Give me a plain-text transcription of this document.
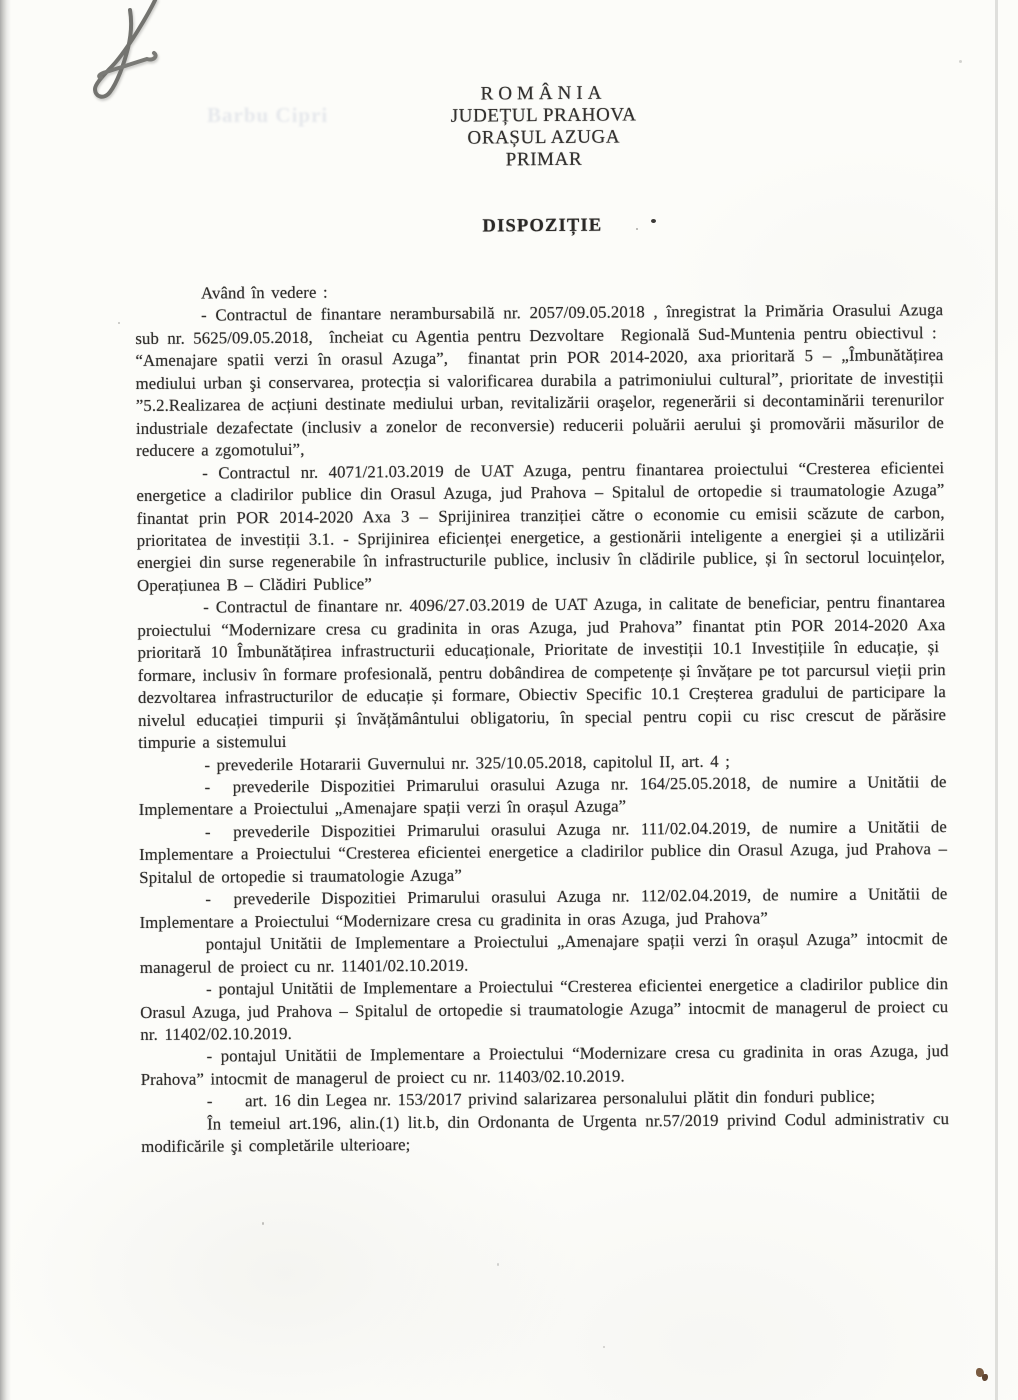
Barbu Cipri
ROMÂNIA
JUDEȚUL PRAHOVA
ORAȘUL AZUGA
PRIMAR
DISPOZIȚIE

Având în vedere :

- Contractul de finantare nerambursabilă nr. 2057/09.05.2018 , înregistrat la Primăria Orasului Azuga sub nr. 5625/09.05.2018,  încheiat cu Agentia pentru Dezvoltare  Regională Sud-Muntenia pentru obiectivul :  “Amenajare spatii verzi în orasul Azuga”,  finantat prin POR 2014-2020, axa prioritară 5 – „Îmbunătățirea mediului urban şi conservarea, protecția si valorificarea durabila a patrimoniului cultural”, prioritate de investiții ”5.2.Realizarea de acțiuni destinate mediului urban, revitalizării oraşelor, regenerării si decontaminării terenurilor industriale dezafectate (inclusiv a zonelor de reconversie) reducerii poluării aerului şi promovării măsurilor de reducere a zgomotului”,

- Contractul nr. 4071/21.03.2019 de UAT Azuga, pentru finantarea proiectului “Cresterea eficientei energetice a cladirilor publice din Orasul Azuga, jud Prahova – Spitalul de ortopedie si traumatologie Azuga” finantat prin POR 2014-2020 Axa 3 – Sprijinirea tranziției către o economie cu emisii scăzute de carbon, prioritatea de investiții 3.1. - Sprijinirea eficienței energetice, a gestionării inteligente a energiei și a utilizării energiei din surse regenerabile în infrastructurile publice, inclusiv în clădirile publice, și în sectorul locuințelor, Operațiunea B – Clădiri Publice”

- Contractul de finantare nr. 4096/27.03.2019 de UAT Azuga, in calitate de beneficiar, pentru finantarea proiectului “Modernizare cresa cu gradinita in oras Azuga, jud Prahova” finantat ptin POR 2014-2020 Axa prioritară 10 Îmbunătățirea infrastructurii educaționale, Prioritate de investiții 10.1 Investițiile în educație, și  formare, inclusiv în formare profesională, pentru dobândirea de competențe și învățare pe tot parcursul vieții prin dezvoltarea infrastructurilor de educație și formare, Obiectiv Specific 10.1 Creșterea gradului de participare la nivelul educației timpurii și învățământului obligatoriu, în special pentru copii cu risc crescut de părăsire timpurie a sistemului

- prevederile Hotararii Guvernului nr. 325/10.05.2018, capitolul II, art. 4 ;

-  prevederile Dispozitiei Primarului orasului Azuga nr. 164/25.05.2018, de numire a Unitătii de Implementare a Proiectului „Amenajare spații verzi în orașul Azuga”

-  prevederile Dispozitiei Primarului orasului Azuga nr. 111/02.04.2019, de numire a Unitătii de Implementare a Proiectului “Cresterea eficientei energetice a cladirilor publice din Orasul Azuga, jud Prahova – Spitalul de ortopedie si traumatologie Azuga”

-  prevederile Dispozitiei Primarului orasului Azuga nr. 112/02.04.2019, de numire a Unitătii de Implementare a Proiectului “Modernizare cresa cu gradinita in oras Azuga, jud Prahova”

pontajul Unitătii de Implementare a Proiectului „Amenajare spații verzi în orașul Azuga” intocmit de managerul de proiect cu nr. 11401/02.10.2019.

- pontajul Unitătii de Implementare a Proiectului “Cresterea eficientei energetice a cladirilor publice din Orasul Azuga, jud Prahova – Spitalul de ortopedie si traumatologie Azuga” intocmit de managerul de proiect cu nr. 11402/02.10.2019.

- pontajul Unitătii de Implementare a Proiectului “Modernizare cresa cu gradinita in oras Azuga, jud Prahova” intocmit de managerul de proiect cu nr. 11403/02.10.2019.

-     art. 16 din Legea nr. 153/2017 privind salarizarea personalului plătit din fonduri publice;

În temeiul art.196, alin.(1) lit.b, din Ordonanta de Urgenta nr.57/2019 privind Codul administrativ cu modificările şi completările ulterioare;
